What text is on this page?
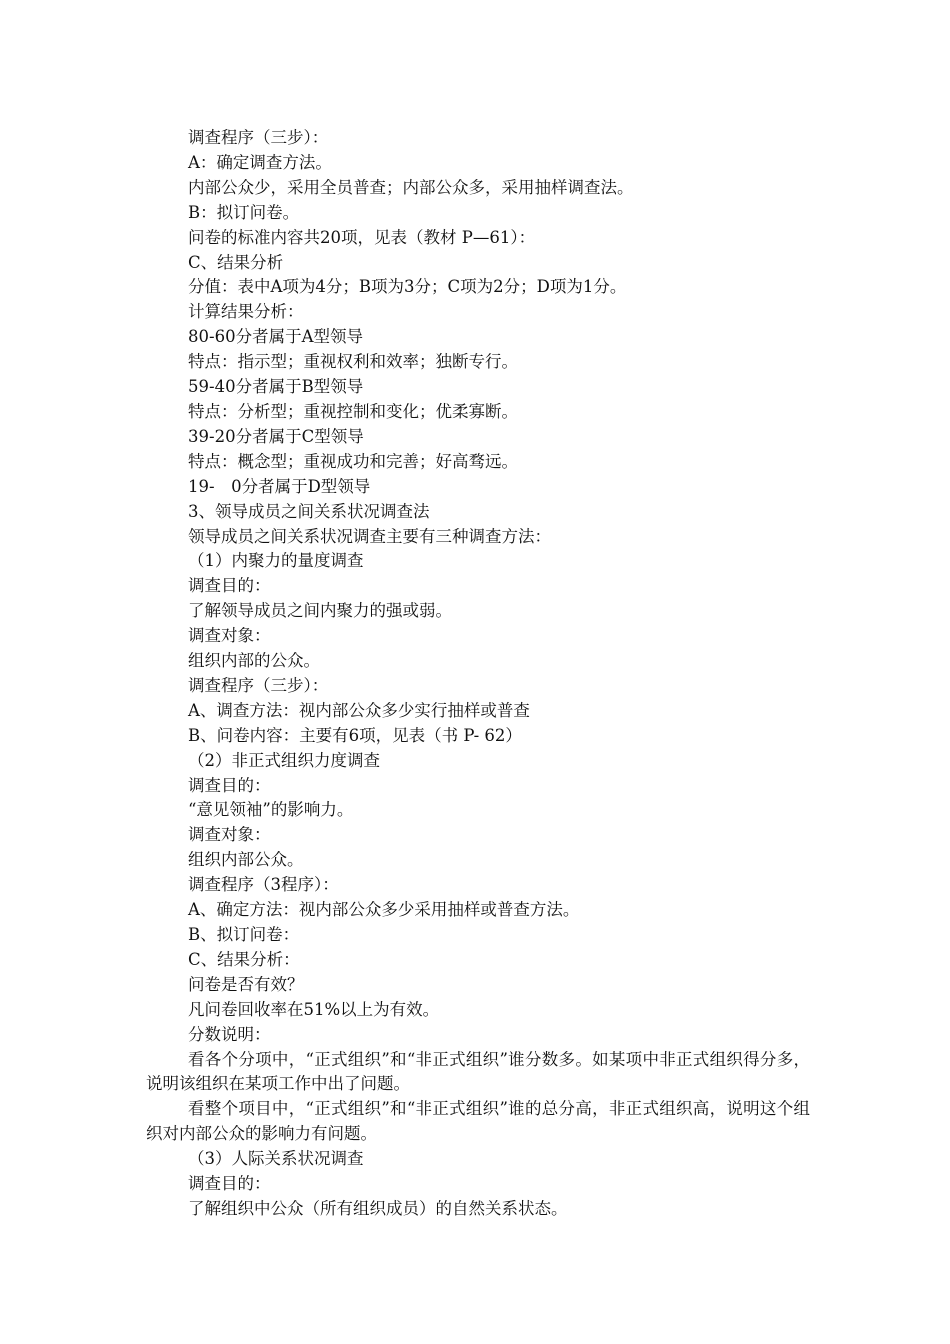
调查程序（三步）：
A：确定调查方法。
内部公众少，采用全员普查；内部公众多，采用抽样调查法。
B：拟订问卷。
问卷的标准内容共20项，见表（教材 P—61）：
C、结果分析
分值：表中A项为4分；B项为3分；C项为2分；D项为1分。
计算结果分析：
80-60分者属于A型领导
特点：指示型；重视权利和效率；独断专行。
59-40分者属于B型领导
特点：分析型；重视控制和变化；优柔寡断。
39-20分者属于C型领导
特点：概念型；重视成功和完善；好高骛远。
19-　0分者属于D型领导
3、领导成员之间关系状况调查法
领导成员之间关系状况调查主要有三种调查方法：
（1）内聚力的量度调查
调查目的：
了解领导成员之间内聚力的强或弱。
调查对象：
组织内部的公众。
调查程序（三步）：
A、调查方法：视内部公众多少实行抽样或普查
B、问卷内容：主要有6项，见表（书 P- 62）
（2）非正式组织力度调查
调查目的：
“意见领袖”的影响力。
调查对象：
组织内部公众。
调查程序（3程序）：
A、确定方法：视内部公众多少采用抽样或普查方法。
B、拟订问卷：
C、结果分析：
问卷是否有效？
凡问卷回收率在51%以上为有效。
分数说明：
看各个分项中，“正式组织”和“非正式组织”谁分数多。如某项中非正式组织得分多，说明该组织在某项工作中出了问题。
看整个项目中，“正式组织”和“非正式组织”谁的总分高，非正式组织高，说明这个组织对内部公众的影响力有问题。
（3）人际关系状况调查
调查目的：
了解组织中公众（所有组织成员）的自然关系状态。
